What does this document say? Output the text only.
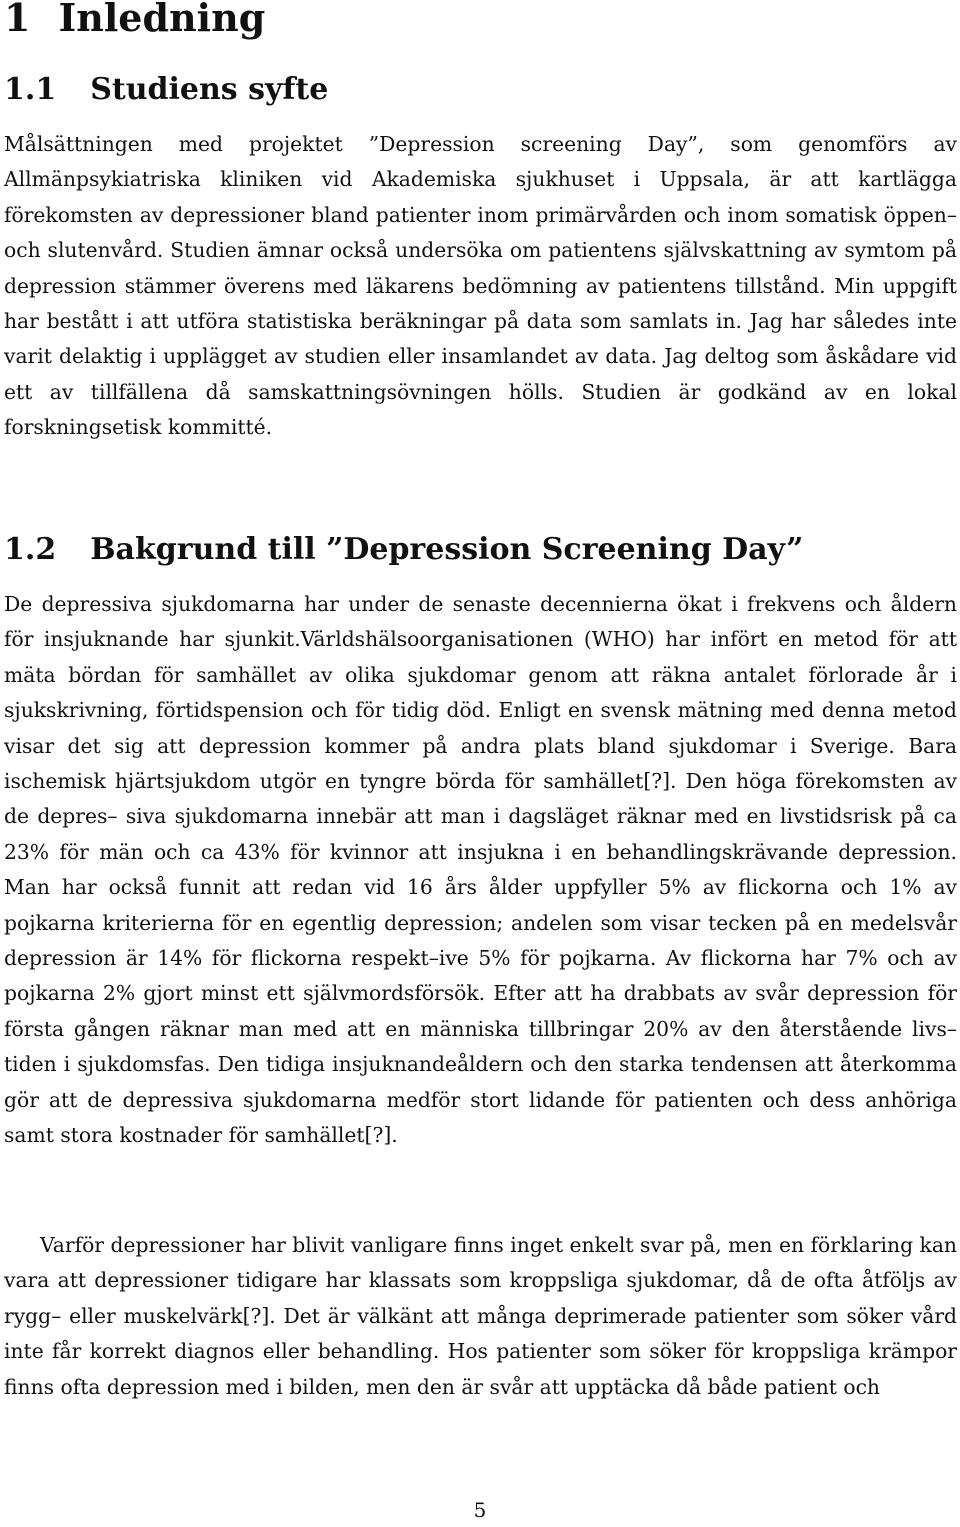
1 Inledning
1.1 Studiens syfte

Målsättningen med projektet ”Depression screening Day”, som genomförs av Allmänpsykiatriska kliniken vid Akademiska sjukhuset i Uppsala, är att kartlägga förekomsten av depressioner bland patienter inom primärvården och inom somatisk öppen– och slutenvård. Studien ämnar också undersöka om patientens självskattning av symtom på depression stämmer överens med läkarens bedömning av patientens tillstånd. Min uppgift har bestått i att utföra statistiska beräkningar på data som samlats in. Jag har således inte varit delaktig i upplägget av studien eller insamlandet av data. Jag deltog som åskådare vid ett av tillfällena då samskattningsövningen hölls. Studien är godkänd av en lokal forskningsetisk kommitté.

1.2 Bakgrund till ”Depression Screening Day”

De depressiva sjukdomarna har under de senaste decennierna ökat i frekvens och åldern för insjuknande har sjunkit.Världshälsoorganisationen (WHO) har infört en metod för att mäta bördan för samhället av olika sjukdomar genom att räkna antalet förlorade år i sjukskrivning, förtidspension och för tidig död. Enligt en svensk mätning med denna metod visar det sig att depression kommer på andra plats bland sjukdomar i Sverige. Bara ischemisk hjärtsjukdom utgör en tyngre börda för samhället[?]. Den höga förekomsten av de depres– siva sjukdomarna innebär att man i dagsläget räknar med en livstidsrisk på ca 23% för män och ca 43% för kvinnor att insjukna i en behandlingskrävande depression. Man har också funnit att redan vid 16 års ålder uppfyller 5% av flickorna och 1% av pojkarna kriterierna för en egentlig depression; andelen som visar tecken på en medelsvår depression är 14% för flickorna respekt–ive 5% för pojkarna. Av flickorna har 7% och av pojkarna 2% gjort minst ett självmordsförsök. Efter att ha drabbats av svår depression för första gången räknar man med att en människa tillbringar 20% av den återstående livs– tiden i sjukdomsfas. Den tidiga insjuknandeåldern och den starka tendensen att återkomma gör att de depressiva sjukdomarna medför stort lidande för patienten och dess anhöriga samt stora kostnader för samhället[?].

Varför depressioner har blivit vanligare finns inget enkelt svar på, men en förklaring kan vara att depressioner tidigare har klassats som kroppsliga sjukdomar, då de ofta åtföljs av rygg– eller muskelvärk[?]. Det är välkänt att många deprimerade patienter som söker vård inte får korrekt diagnos eller behandling. Hos patienter som söker för kroppsliga krämpor finns ofta depression med i bilden, men den är svår att upptäcka då både patient och

5
